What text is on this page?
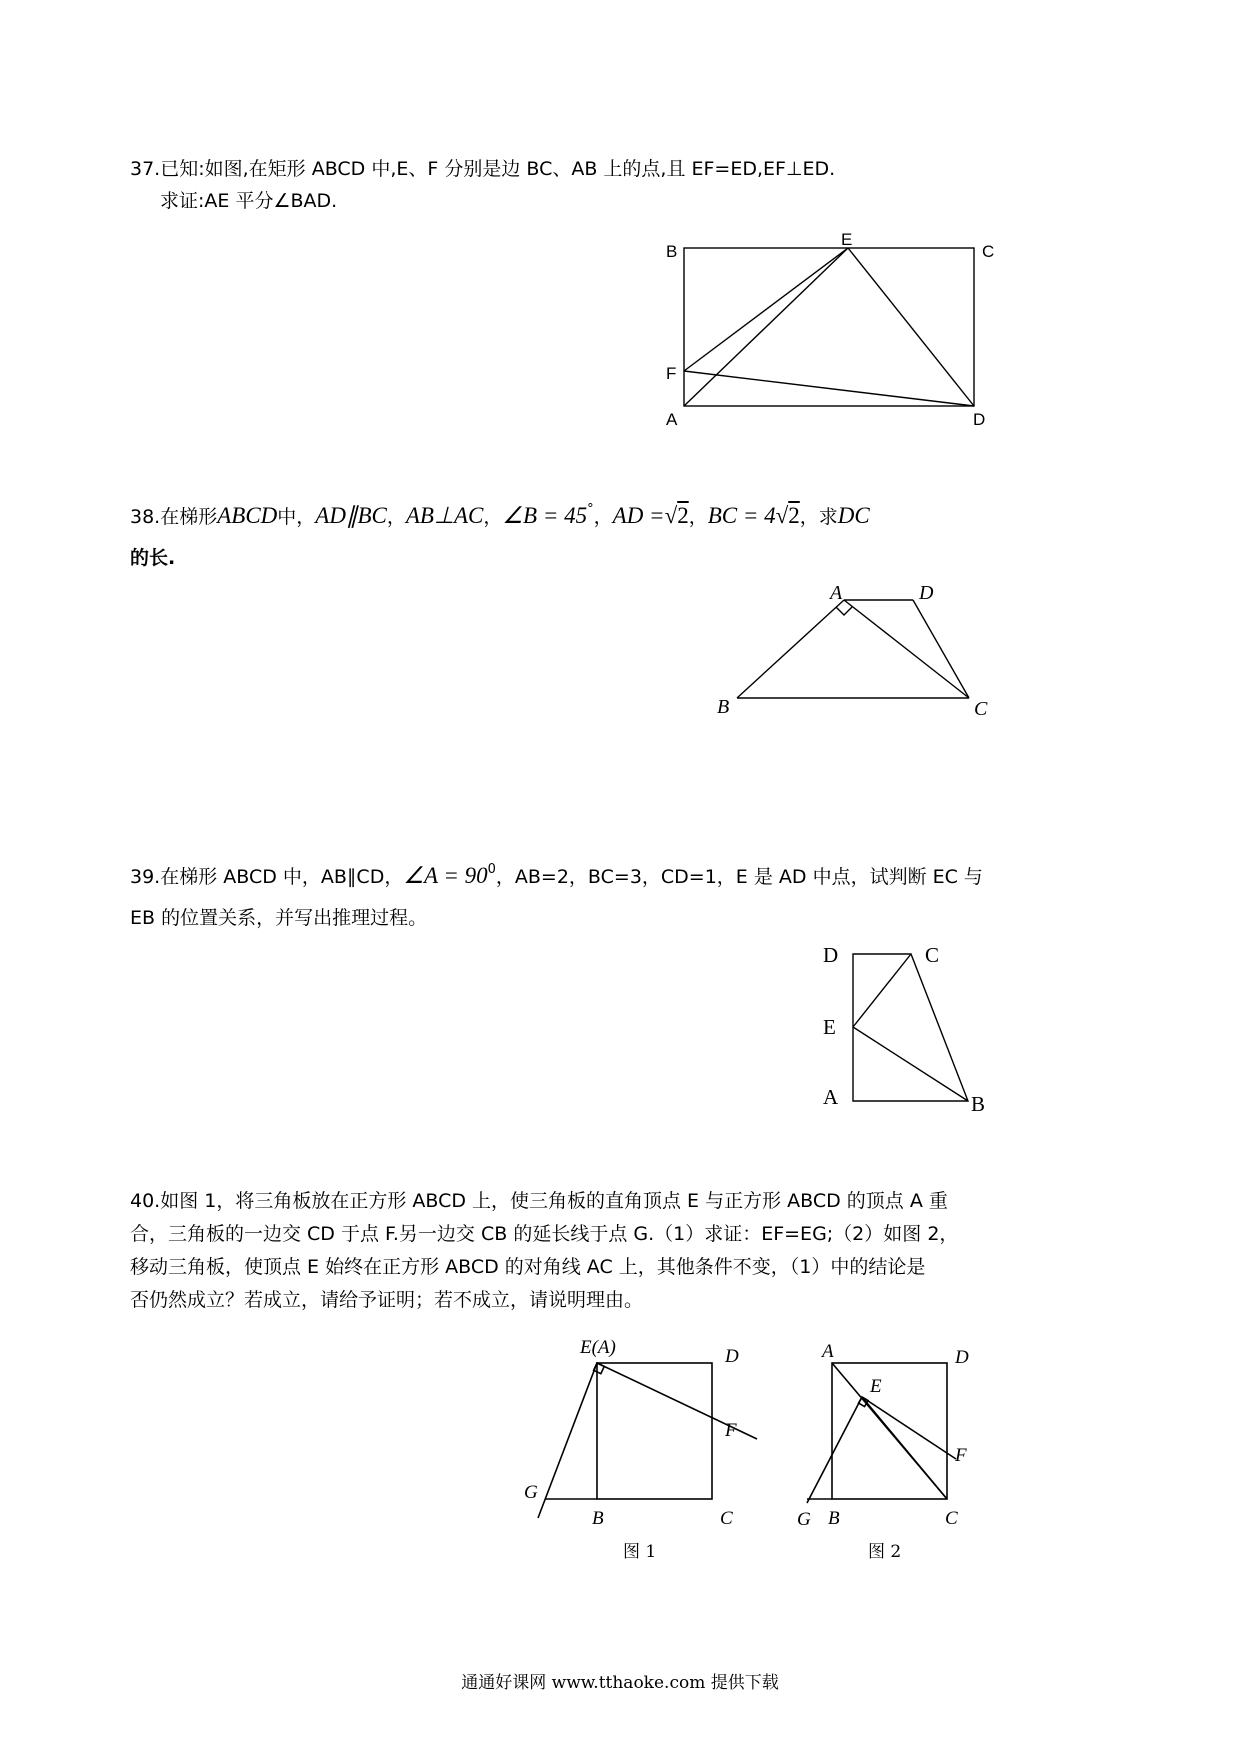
37.已知:如图,在矩形 ABCD 中,E、F 分别是边 BC、AB 上的点,且 EF=ED,EF⊥ED.
求证:AE 平分∠BAD.
B
E
C
F
A	D
38.在梯形ABCD中，AD∥BC，AB⊥AC，∠B = 45°，AD =√2，BC = 4√2，求DC
的长.
A	D
B	C
39.在梯形 ABCD 中，AB∥CD，∠A = $90^0$，AB=2，BC=3，CD=1，E 是 AD 中点，试判断 EC 与
EB 的位置关系，并写出推理过程。
D	C
E
A	B
40.如图 1，将三角板放在正方形 ABCD 上，使三角板的直角顶点 E 与正方形 ABCD 的顶点 A 重
合，三角板的一边交 CD 于点 F.另一边交 CB 的延长线于点 G.（1）求证：EF=EG;（2）如图 2，
移动三角板，使顶点 E 始终在正方形 ABCD 的对角线 AC 上，其他条件不变，（1）中的结论是
否仍然成立？若成立，请给予证明；若不成立，请说明理由。
E(A)	D
F
G
B	C
图 1
A	D
E
F
G B	C
图 2
通通好课网 www.tthaoke.com 提供下载
